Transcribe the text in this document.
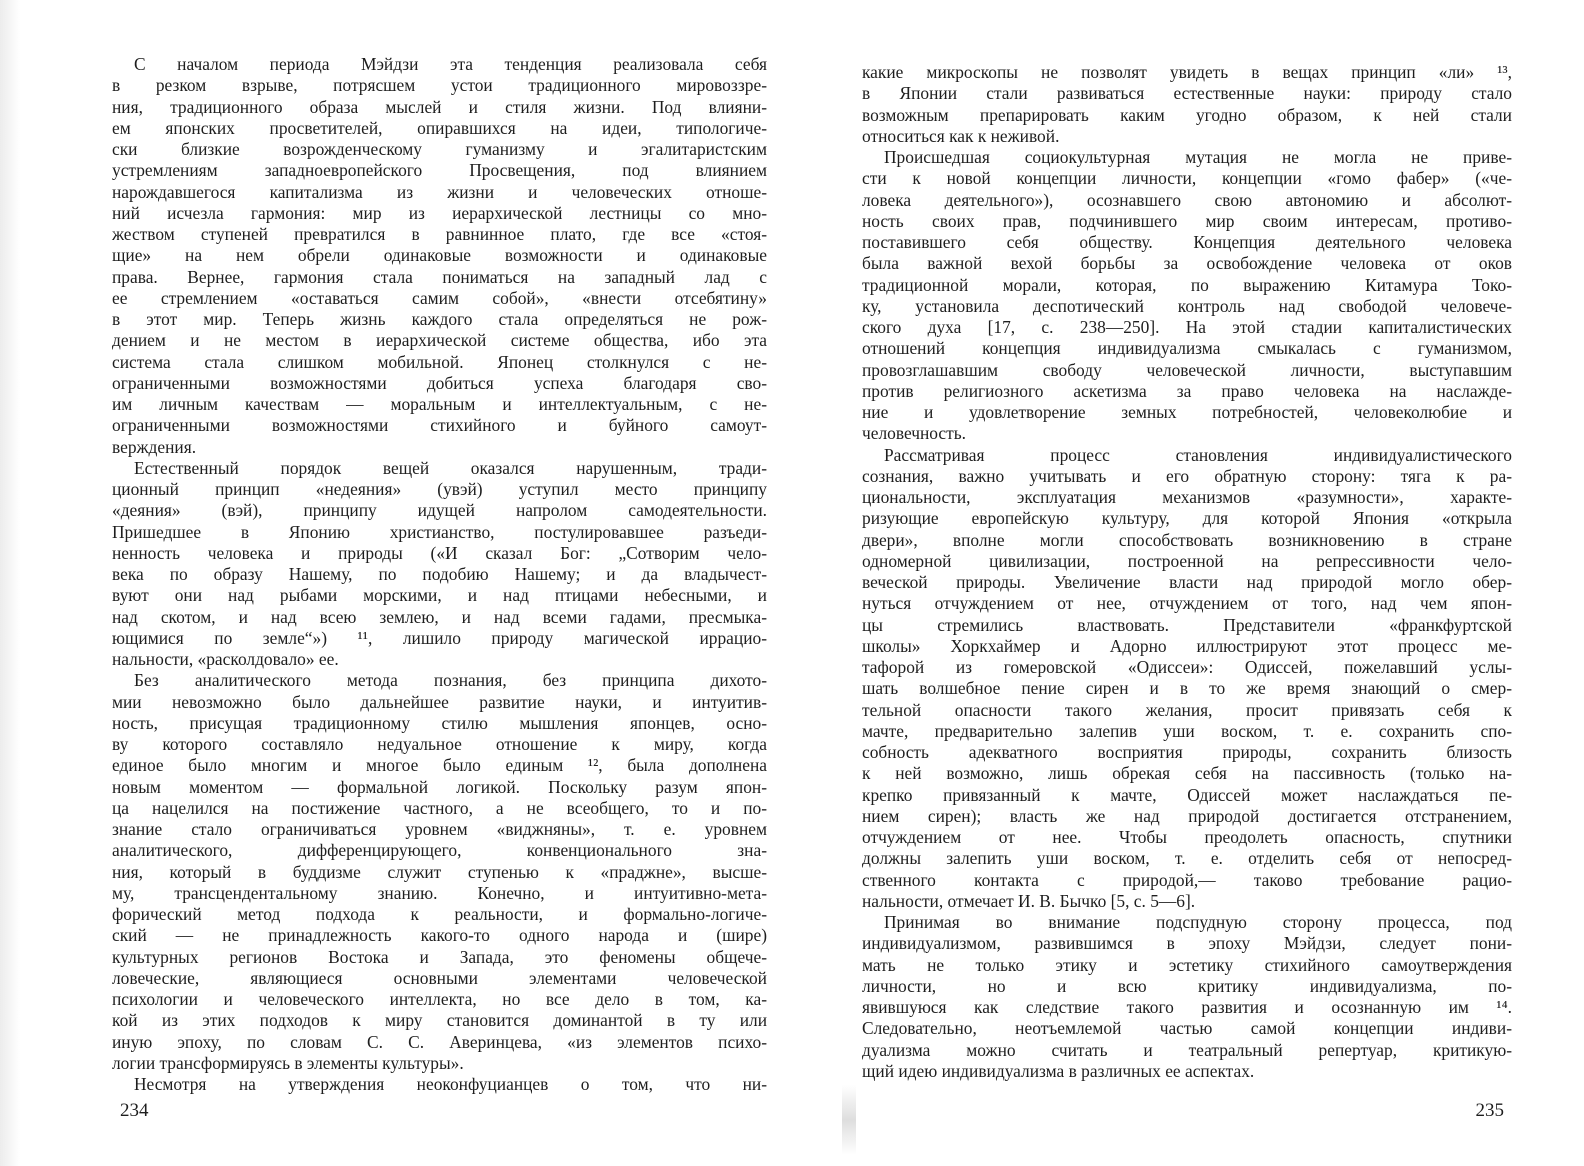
С началом периода Мэйдзи эта тенденция реализовала себя
в резком взрыве, потрясшем устои традиционного мировоззре-
ния, традиционного образа мыслей и стиля жизни. Под влияни-
ем японских просветителей, опиравшихся на идеи, типологиче-
ски близкие возрожденческому гуманизму и эгалитаристским
устремлениям западноевропейского Просвещения, под влиянием
нарождавшегося капитализма из жизни и человеческих отноше-
ний исчезла гармония: мир из иерархической лестницы со мно-
жеством ступеней превратился в равнинное плато, где все «стоя-
щие» на нем обрели одинаковые возможности и одинаковые
права. Вернее, гармония стала пониматься на западный лад с
ее стремлением «оставаться самим собой», «внести отсебятину»
в этот мир. Теперь жизнь каждого стала определяться не рож-
дением и не местом в иерархической системе общества, ибо эта
система стала слишком мобильной. Японец столкнулся с не-
ограниченными возможностями добиться успеха благодаря сво-
им личным качествам — моральным и интеллектуальным, с не-
ограниченными возможностями стихийного и буйного самоут-
верждения.
Естественный порядок вещей оказался нарушенным, тради-
ционный принцип «недеяния» (увэй) уступил место принципу
«деяния» (вэй), принципу идущей напролом самодеятельности.
Пришедшее в Японию христианство, постулировавшее разъеди-
ненность человека и природы («И сказал Бог: „Сотворим чело-
века по образу Нашему, по подобию Нашему; и да владычест-
вуют они над рыбами морскими, и над птицами небесными, и
над скотом, и над всею землею, и над всеми гадами, пресмыка-
ющимися по земле“») ¹¹, лишило природу магической иррацио-
нальности, «расколдовало» ее.
Без аналитического метода познания, без принципа дихото-
мии невозможно было дальнейшее развитие науки, и интуитив-
ность, присущая традиционному стилю мышления японцев, осно-
ву которого составляло недуальное отношение к миру, когда
единое было многим и многое было единым ¹², была дополнена
новым моментом — формальной логикой. Поскольку разум япон-
ца нацелился на постижение частного, а не всеобщего, то и по-
знание стало ограничиваться уровнем «виджняны», т. е. уровнем
аналитического, дифференцирующего, конвенционального зна-
ния, который в буддизме служит ступенью к «праджне», высше-
му, трансцендентальному знанию. Конечно, и интуитивно-мета-
форический метод подхода к реальности, и формально-логиче-
ский — не принадлежность какого-то одного народа и (шире)
культурных регионов Востока и Запада, это феномены общече-
ловеческие, являющиеся основными элементами человеческой
психологии и человеческого интеллекта, но все дело в том, ка-
кой из этих подходов к миру становится доминантой в ту или
иную эпоху, по словам С. С. Аверинцева, «из элементов психо-
логии трансформируясь в элементы культуры».
Несмотря на утверждения неоконфуцианцев о том, что ни-
234
какие микроскопы не позволят увидеть в вещах принцип «ли» ¹³,
в Японии стали развиваться естественные науки: природу стало
возможным препарировать каким угодно образом, к ней стали
относиться как к неживой.
Происшедшая социокультурная мутация не могла не приве-
сти к новой концепции личности, концепции «гомо фабер» («че-
ловека деятельного»), осознавшего свою автономию и абсолют-
ность своих прав, подчинившего мир своим интересам, противо-
поставившего себя обществу. Концепция деятельного человека
была важной вехой борьбы за освобождение человека от оков
традиционной морали, которая, по выражению Китамура Токо-
ку, установила деспотический контроль над свободой человече-
ского духа [17, с. 238—250]. На этой стадии капиталистических
отношений концепция индивидуализма смыкалась с гуманизмом,
провозглашавшим свободу человеческой личности, выступавшим
против религиозного аскетизма за право человека на наслажде-
ние и удовлетворение земных потребностей, человеколюбие и
человечность.
Рассматривая процесс становления индивидуалистического
сознания, важно учитывать и его обратную сторону: тяга к ра-
циональности, эксплуатация механизмов «разумности», характе-
ризующие европейскую культуру, для которой Япония «открыла
двери», вполне могли способствовать возникновению в стране
одномерной цивилизации, построенной на репрессивности чело-
веческой природы. Увеличение власти над природой могло обер-
нуться отчуждением от нее, отчуждением от того, над чем япон-
цы стремились властвовать. Представители «франкфуртской
школы» Хоркхаймер и Адорно иллюстрируют этот процесс ме-
тафорой из гомеровской «Одиссеи»: Одиссей, пожелавший услы-
шать волшебное пение сирен и в то же время знающий о смер-
тельной опасности такого желания, просит привязать себя к
мачте, предварительно залепив уши воском, т. е. сохранить спо-
собность адекватного восприятия природы, сохранить близость
к ней возможно, лишь обрекая себя на пассивность (только на-
крепко привязанный к мачте, Одиссей может наслаждаться пе-
нием сирен); власть же над природой достигается отстранением,
отчуждением от нее. Чтобы преодолеть опасность, спутники
должны залепить уши воском, т. е. отделить себя от непосред-
ственного контакта с природой,— таково требование рацио-
нальности, отмечает И. В. Бычко [5, с. 5—6].
Принимая во внимание подспудную сторону процесса, под
индивидуализмом, развившимся в эпоху Мэйдзи, следует пони-
мать не только этику и эстетику стихийного самоутверждения
личности, но и всю критику индивидуализма, по-
явившуюся как следствие такого развития и осознанную им ¹⁴.
Следовательно, неотъемлемой частью самой концепции индиви-
дуализма можно считать и театральный репертуар, критикую-
щий идею индивидуализма в различных ее аспектах.
235
